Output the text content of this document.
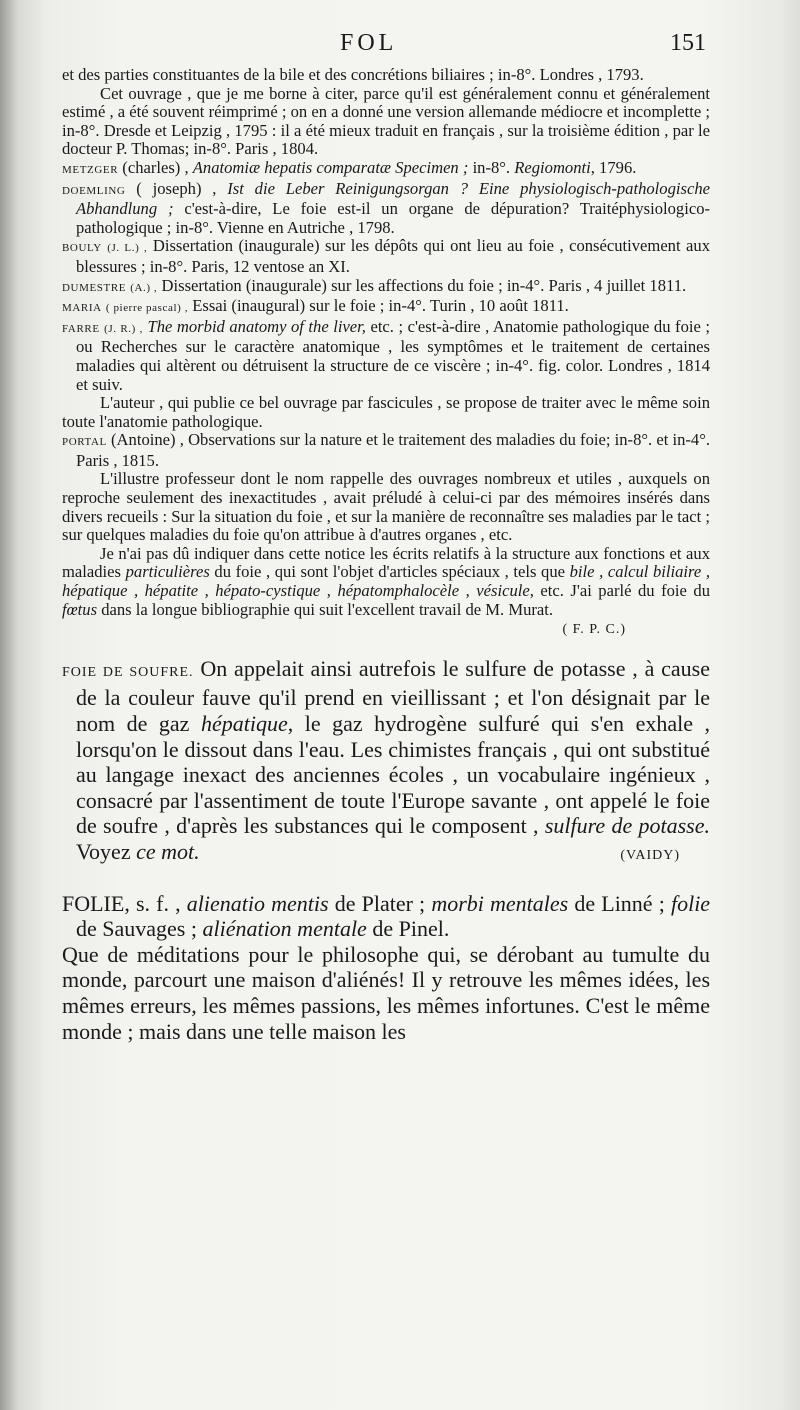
FOL	151

et des parties constituantes de la bile et des concrétions biliaires ; in-8°. Londres , 1793.

Cet ouvrage , que je me borne à citer, parce qu'il est généralement connu et généralement estimé , a été souvent réimprimé ; on en a donné une version allemande médiocre et incomplette ; in-8°. Dresde et Leipzig , 1795 : il a été mieux traduit en français , sur la troisième édition , par le docteur P. Thomas; in-8°. Paris , 1804.

METZGER (charles) , Anatomiæ hepatis comparatæ Specimen ; in-8°. Regiomonti, 1796.

DOEMLING ( joseph) , Ist die Leber Reinigungsorgan ? Eine physiologisch-pathologische Abhandlung ; c'est-à-dire, Le foie est-il un organe de dépuration? Traitéphysiologico-pathologique ; in-8°. Vienne en Autriche , 1798.

BOULY (J. L.) , Dissertation (inaugurale) sur les dépôts qui ont lieu au foie , consécutivement aux blessures ; in-8°. Paris, 12 ventose an XI.

DUMESTRE (A.) , Dissertation (inaugurale) sur les affections du foie ; in-4°. Paris , 4 juillet 1811.

MARIA ( pierre pascal) , Essai (inaugural) sur le foie ; in-4°. Turin , 10 août 1811.

FARRE (J. R.) , The morbid anatomy of the liver, etc. ; c'est-à-dire , Anatomie pathologique du foie ; ou Recherches sur le caractère anatomique , les symptômes et le traitement de certaines maladies qui altèrent ou détruisent la structure de ce viscère ; in-4°. fig. color. Londres , 1814 et suiv.

L'auteur , qui publie ce bel ouvrage par fascicules , se propose de traiter avec le même soin toute l'anatomie pathologique.

PORTAL (Antoine) , Observations sur la nature et le traitement des maladies du foie; in-8°. et in-4°. Paris , 1815.

L'illustre professeur dont le nom rappelle des ouvrages nombreux et utiles , auxquels on reproche seulement des inexactitudes , avait préludé à celui-ci par des mémoires insérés dans divers recueils : Sur la situation du foie , et sur la manière de reconnaître ses maladies par le tact ; sur quelques maladies du foie qu'on attribue à d'autres organes , etc.

Je n'ai pas dû indiquer dans cette notice les écrits relatifs à la structure aux fonctions et aux maladies particulières du foie , qui sont l'objet d'articles spéciaux , tels que bile , calcul biliaire , hépatique , hépatite , hépato-cystique , hépatomphalocèle , vésicule, etc. J'ai parlé du foie du fœtus dans la longue bibliographie qui suit l'excellent travail de M. Murat.

( F. P. C.)

FOIE DE SOUFRE. On appelait ainsi autrefois le sulfure de potasse , à cause de la couleur fauve qu'il prend en vieillissant ; et l'on désignait par le nom de gaz hépatique, le gaz hydrogène sulfuré qui s'en exhale , lorsqu'on le dissout dans l'eau. Les chimistes français , qui ont substitué au langage inexact des anciennes écoles , un vocabulaire ingénieux , consacré par l'assentiment de toute l'Europe savante , ont appelé le foie de soufre , d'après les substances qui le composent , sulfure de potasse. Voyez ce mot.	(VAIDY)

FOLIE, s. f. , alienatio mentis de Plater ; morbi mentales de Linné ; folie de Sauvages ; aliénation mentale de Pinel.

Que de méditations pour le philosophe qui, se dérobant au tumulte du monde, parcourt une maison d'aliénés! Il y retrouve les mêmes idées, les mêmes erreurs, les mêmes passions, les mêmes infortunes. C'est le même monde ; mais dans une telle maison les
